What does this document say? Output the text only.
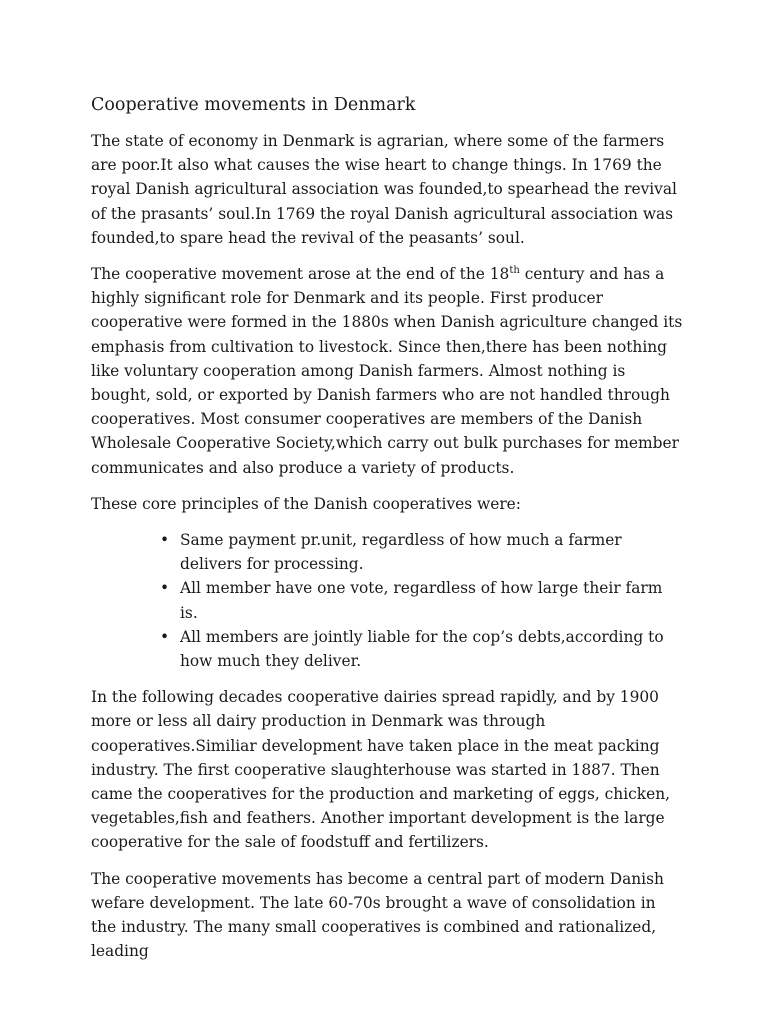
Cooperative movements in Denmark

The state of economy in Denmark is agrarian, where some of the farmers are poor.It also what causes the wise heart to change things. In 1769 the royal Danish agricultural association was founded,to spearhead the revival of the prasants’ soul.In 1769 the royal Danish agricultural association was founded,to spare head the revival of the peasants’ soul.

The cooperative movement arose at the end of the 18th century and has a highly significant role for Denmark and its people. First producer cooperative were formed in the 1880s when Danish agriculture changed its emphasis from cultivation to livestock. Since then,there has been nothing like voluntary cooperation among Danish farmers. Almost nothing is bought, sold, or exported by Danish farmers who are not handled through cooperatives. Most consumer cooperatives are members of the Danish Wholesale Cooperative Society,which carry out bulk purchases for member communicates and also produce a variety of products.

These core principles of the Danish cooperatives were:

• Same payment pr.unit, regardless of how much a farmer delivers for processing.
• All member have one vote, regardless of how large their farm is.
• All members are jointly liable for the cop’s debts,according to how much they deliver.

In the following decades cooperative dairies spread rapidly, and by 1900 more or less all dairy production in Denmark was through cooperatives.Similiar development have taken place in the meat packing industry. The first cooperative slaughterhouse was started in 1887. Then came the cooperatives for the production and marketing of eggs, chicken, vegetables,fish and feathers. Another important development is the large cooperative for the sale of foodstuff and fertilizers.

The cooperative movements has become a central part of modern Danish wefare development. The late 60-70s brought a wave of consolidation in the industry. The many small cooperatives is combined and rationalized, leading
